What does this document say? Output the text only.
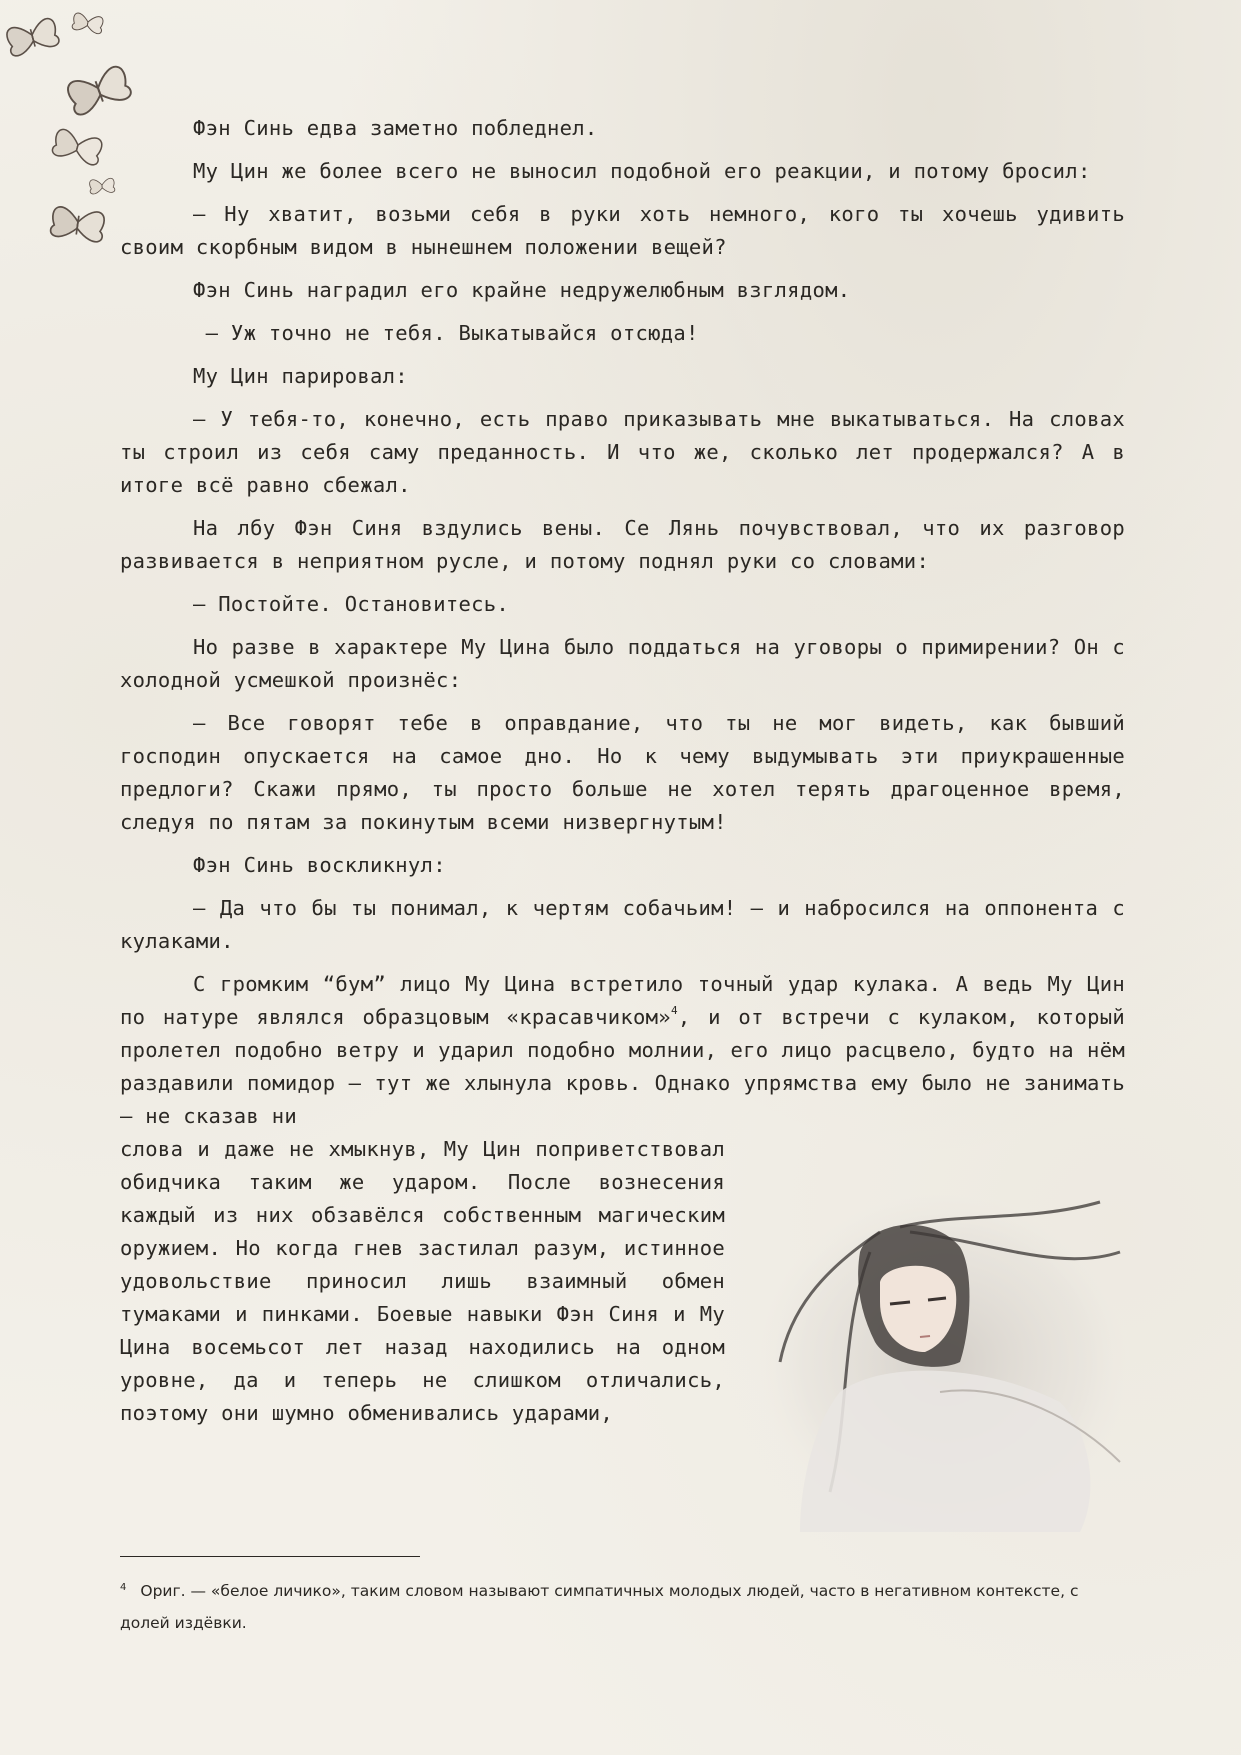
Фэн Синь едва заметно побледнел.

Му Цин же более всего не выносил подобной его реакции, и потому бросил:

— Ну хватит, возьми себя в руки хоть немного, кого ты хочешь удивить своим скорбным видом в нынешнем положении вещей?

Фэн Синь наградил его крайне недружелюбным взглядом.

— Уж точно не тебя. Выкатывайся отсюда!

Му Цин парировал:

— У тебя-то, конечно, есть право приказывать мне выкатываться. На словах ты строил из себя саму преданность. И что же, сколько лет продержался? А в итоге всё равно сбежал.

На лбу Фэн Синя вздулись вены. Се Лянь почувствовал, что их разговор развивается в неприятном русле, и потому поднял руки со словами:

— Постойте. Остановитесь.

Но разве в характере Му Цина было поддаться на уговоры о примирении? Он с холодной усмешкой произнёс:

— Все говорят тебе в оправдание, что ты не мог видеть, как бывший господин опускается на самое дно. Но к чему выдумывать эти приукрашенные предлоги? Скажи прямо, ты просто больше не хотел терять драгоценное время, следуя по пятам за покинутым всеми низвергнутым!

Фэн Синь воскликнул:

— Да что бы ты понимал, к чертям собачьим! — и набросился на оппонента с кулаками.

С громким “бум” лицо Му Цина встретило точный удар кулака. А ведь Му Цин по натуре являлся образцовым «красавчиком»$^4$, и от встречи с кулаком, который пролетел подобно ветру и ударил подобно молнии, его лицо расцвело, будто на нём раздавили помидор — тут же хлынула кровь. Однако упрямства ему было не занимать — не сказав ни

слова и даже не хмыкнув, Му Цин поприветствовал обидчика таким же ударом. После вознесения каждый из них обзавёлся собственным магическим оружием. Но когда гнев застилал разум, истинное удовольствие приносил лишь взаимный обмен тумаками и пинками. Боевые навыки Фэн Синя и Му Цина восемьсот лет назад находились на одном уровне, да и теперь не слишком отличались, поэтому они шумно обменивались ударами,

$^4$ Ориг. — «белое личико», таким словом называют симпатичных молодых людей, часто в негативном контексте, с долей издёвки.
